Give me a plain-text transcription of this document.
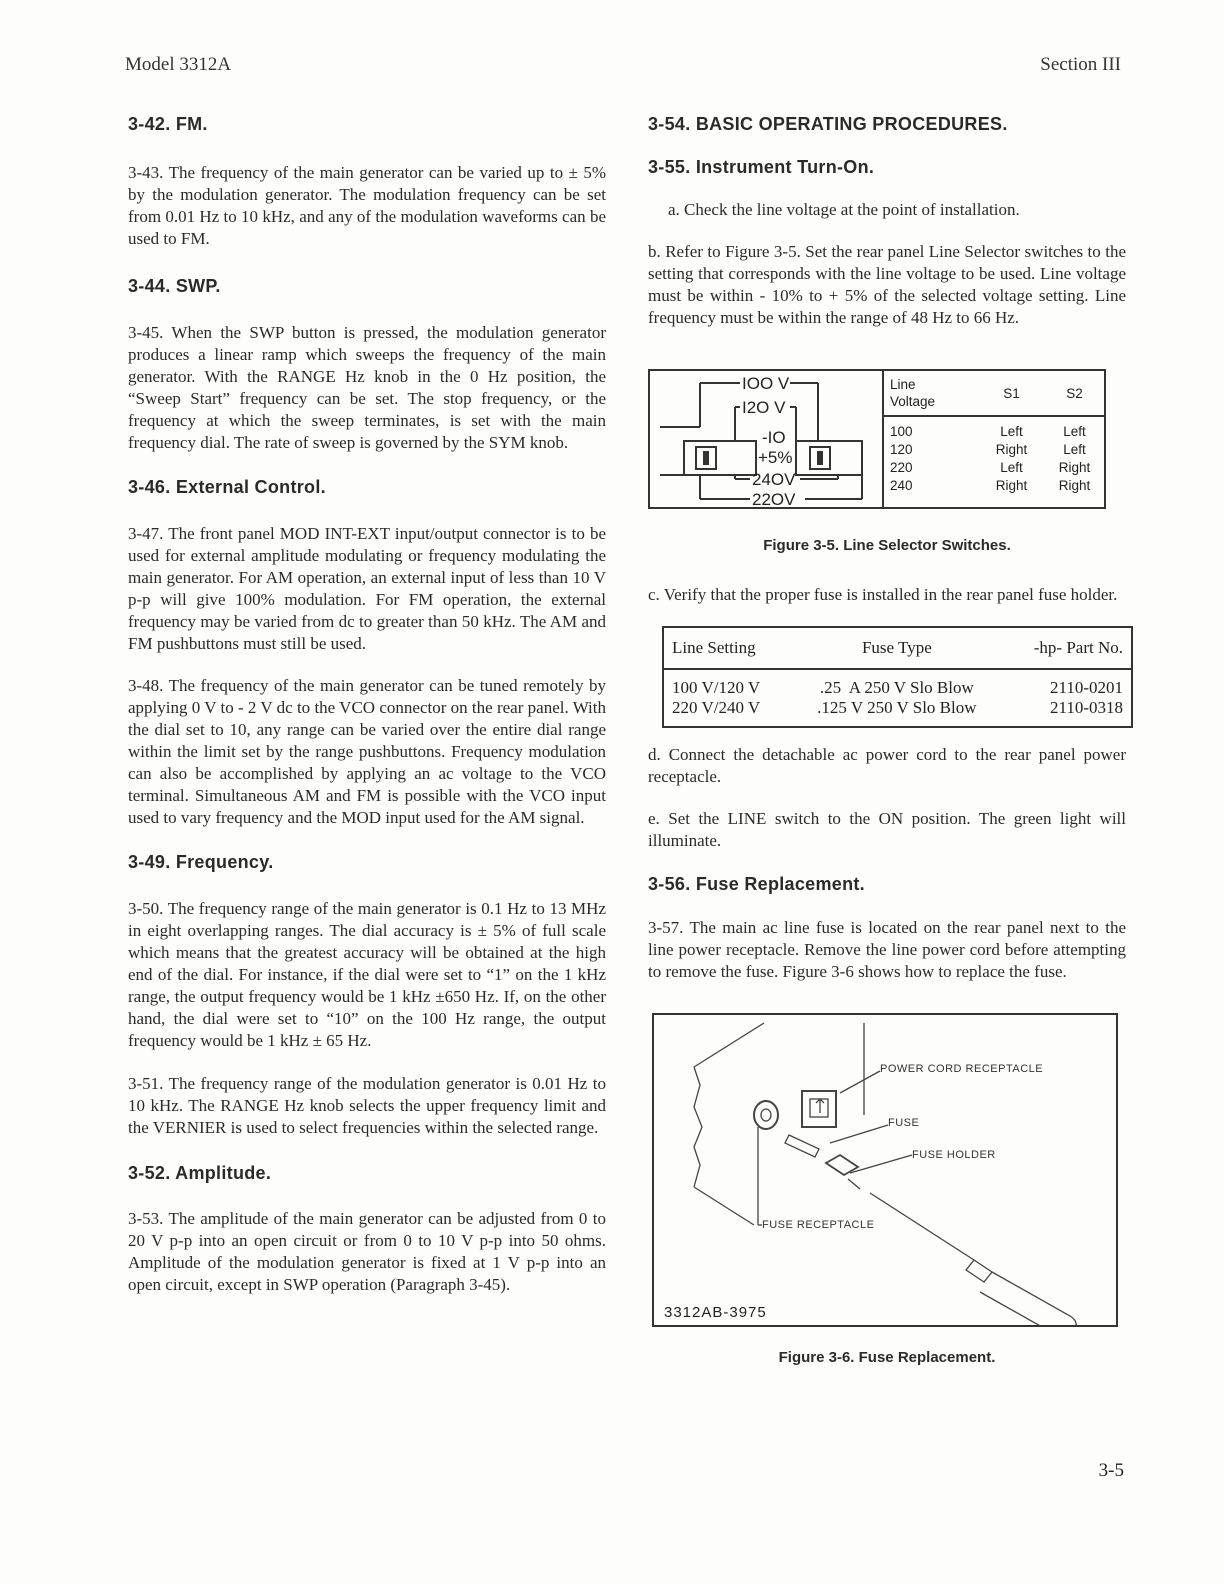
Model 3312A	Section III
3-42. FM.

3-43. The frequency of the main generator can be varied up to ± 5% by the modulation generator. The modulation frequency can be set from 0.01 Hz to 10 kHz, and any of the modulation waveforms can be used to FM.

3-44. SWP.

3-45. When the SWP button is pressed, the modulation generator produces a linear ramp which sweeps the frequency of the main generator. With the RANGE Hz knob in the 0 Hz position, the “Sweep Start” frequency can be set. The stop frequency, or the frequency at which the sweep terminates, is set with the main frequency dial. The rate of sweep is governed by the SYM knob.

3-46. External Control.

3-47. The front panel MOD INT-EXT input/output connector is to be used for external amplitude modulating or frequency modulating the main generator. For AM operation, an external input of less than 10 V p-p will give 100% modulation. For FM operation, the external frequency may be varied from dc to greater than 50 kHz. The AM and FM pushbuttons must still be used.

3-48. The frequency of the main generator can be tuned remotely by applying 0 V to - 2 V dc to the VCO connector on the rear panel. With the dial set to 10, any range can be varied over the entire dial range within the limit set by the range pushbuttons. Frequency modulation can also be accomplished by applying an ac voltage to the VCO terminal. Simultaneous AM and FM is possible with the VCO input used to vary frequency and the MOD input used for the AM signal.

3-49. Frequency.

3-50. The frequency range of the main generator is 0.1 Hz to 13 MHz in eight overlapping ranges. The dial accuracy is ± 5% of full scale which means that the greatest accuracy will be obtained at the high end of the dial. For instance, if the dial were set to “1” on the 1 kHz range, the output frequency would be 1 kHz ±650 Hz. If, on the other hand, the dial were set to “10” on the 100 Hz range, the output frequency would be 1 kHz ± 65 Hz.

3-51. The frequency range of the modulation generator is 0.01 Hz to 10 kHz. The RANGE Hz knob selects the upper frequency limit and the VERNIER is used to select frequencies within the selected range.

3-52. Amplitude.

3-53. The amplitude of the main generator can be adjusted from 0 to 20 V p-p into an open circuit or from 0 to 10 V p-p into 50 ohms. Amplitude of the modulation generator is fixed at 1 V p-p into an open circuit, except in SWP operation (Paragraph 3-45).

3-54. BASIC OPERATING PROCEDURES.
3-55. Instrument Turn-On.

a. Check the line voltage at the point of installation.

b. Refer to Figure 3-5. Set the rear panel Line Selector switches to the setting that corresponds with the line voltage to be used. Line voltage must be within - 10% to + 5% of the selected voltage setting. Line frequency must be within the range of 48 Hz to 66 Hz.

IOO V
I2O V
-IO
+5%
24OV
22OV
Line
Voltage	S1	S2

100	Left	Left
120	Right	Left
220	Left	Right
240	Right	Right
Figure 3-5. Line Selector Switches.

c. Verify that the proper fuse is installed in the rear panel fuse holder.

Line Setting	Fuse Type	-hp- Part No.

100 V/120 V	.25  A 250 V Slo Blow	2110-0201
220 V/240 V	.125 V 250 V Slo Blow	2110-0318

d. Connect the detachable ac power cord to the rear panel power receptacle.

e. Set the LINE switch to the ON position. The green light will illuminate.

3-56. Fuse Replacement.

3-57. The main ac line fuse is located on the rear panel next to the line power receptacle. Remove the line power cord before attempting to remove the fuse. Figure 3-6 shows how to replace the fuse.

POWER CORD RECEPTACLE
FUSE
FUSE HOLDER
FUSE RECEPTACLE
3312AB-3975
Figure 3-6. Fuse Replacement.
3-5
